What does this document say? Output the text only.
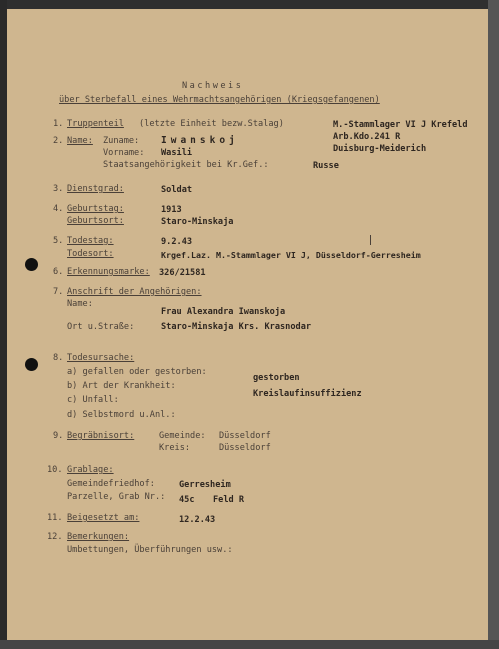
Nachweis
über Sterbefall eines Wehrmachtsangehörigen (Kriegsgefangenen)
1. Truppenteil (letzte Einheit bezw.Stalag)	M.-Stammlager VI J Krefeld
Arb.Kdo.241 R
Duisburg-Meiderich
2. Name: Zuname: Iwanskoj
Vorname: Wasili
Staatsangehörigkeit bei Kr.Gef.:	Russe
3. Dienstgrad:	Soldat
4. Geburtstag:	1913
Geburtsort:	Staro-Minskaja
5. Todestag:	9.2.43
Todesort:	Krgef.Laz. M.-Stammlager VI J, Düsseldorf-Gerresheim
6. Erkennungsmarke: 326/21581
7. Anschrift der Angehörigen:
Name:
Frau Alexandra Iwanskoja
Ort u.Straße:	Staro-Minskaja Krs. Krasnodar
8. Todesursache:
a) gefallen oder gestorben:
gestorben
b) Art der Krankheit:
Kreislaufinsuffizienz
c) Unfall:
d) Selbstmord u.Anl.:
9. Begräbnisort:	Gemeinde: Düsseldorf
Kreis:	Düsseldorf
10. Grablage:
Gemeindefriedhof:	Gerresheim
Parzelle, Grab Nr.: 45c Feld R
11. Beigesetzt am:	12.2.43
12. Bemerkungen:
Umbettungen, Überführungen usw.:
